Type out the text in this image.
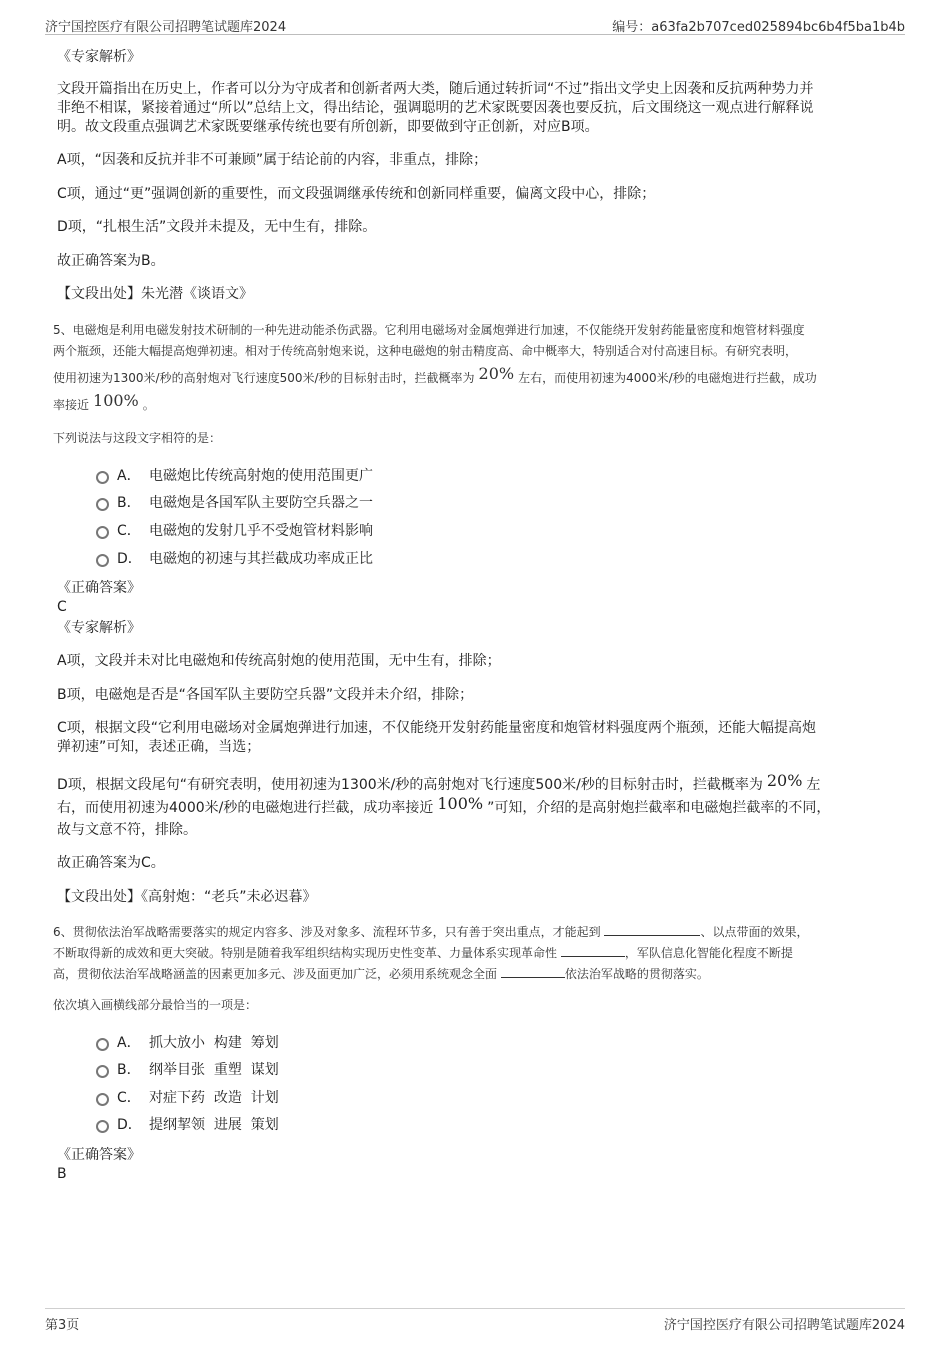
济宁国控医疗有限公司招聘笔试题库2024	编号：a63fa2b707ced025894bc6b4f5ba1b4b
《专家解析》
文段开篇指出在历史上，作者可以分为守成者和创新者两大类，随后通过转折词“不过”指出文学史上因袭和反抗两种势力并
非绝不相谋，紧接着通过“所以”总结上文，得出结论，强调聪明的艺术家既要因袭也要反抗，后文围绕这一观点进行解释说
明。故文段重点强调艺术家既要继承传统也要有所创新，即要做到守正创新，对应B项。
A项，“因袭和反抗并非不可兼顾”属于结论前的内容，非重点，排除；
C项，通过“更”强调创新的重要性，而文段强调继承传统和创新同样重要，偏离文段中心，排除；
D项，“扎根生活”文段并未提及，无中生有，排除。
故正确答案为B。
【文段出处】朱光潜《谈语文》
5、电磁炮是利用电磁发射技术研制的一种先进动能杀伤武器。它利用电磁场对金属炮弹进行加速，不仅能绕开发射药能量密度和炮管材料强度
两个瓶颈，还能大幅提高炮弹初速。相对于传统高射炮来说，这种电磁炮的射击精度高、命中概率大，特别适合对付高速目标。有研究表明，
使用初速为1300米/秒的高射炮对飞行速度500米/秒的目标射击时，拦截概率为 20% 左右，而使用初速为4000米/秒的电磁炮进行拦截，成功
率接近 100% 。
下列说法与这段文字相符的是：
A． 电磁炮比传统高射炮的使用范围更广
B． 电磁炮是各国军队主要防空兵器之一
C． 电磁炮的发射几乎不受炮管材料影响
D． 电磁炮的初速与其拦截成功率成正比
《正确答案》
C
《专家解析》
A项，文段并未对比电磁炮和传统高射炮的使用范围，无中生有，排除；
B项，电磁炮是否是“各国军队主要防空兵器”文段并未介绍，排除；
C项，根据文段“它利用电磁场对金属炮弹进行加速，不仅能绕开发射药能量密度和炮管材料强度两个瓶颈，还能大幅提高炮
弹初速”可知，表述正确，当选；
D项，根据文段尾句“有研究表明，使用初速为1300米/秒的高射炮对飞行速度500米/秒的目标射击时，拦截概率为 20% 左
右，而使用初速为4000米/秒的电磁炮进行拦截，成功率接近 100% ”可知，介绍的是高射炮拦截率和电磁炮拦截率的不同，
故与文意不符，排除。
故正确答案为C。
【文段出处】《高射炮：“老兵”未必迟暮》
6、贯彻依法治军战略需要落实的规定内容多、涉及对象多、流程环节多，只有善于突出重点，才能起到	、以点带面的效果，
不断取得新的成效和更大突破。特别是随着我军组织结构实现历史性变革、力量体系实现革命性	，军队信息化智能化程度不断提
高，贯彻依法治军战略涵盖的因素更加多元、涉及面更加广泛，必须用系统观念全面	依法治军战略的贯彻落实。
依次填入画横线部分最恰当的一项是：
A． 抓大放小  构建  筹划
B． 纲举目张  重塑  谋划
C． 对症下药  改造  计划
D． 提纲挈领  进展  策划
《正确答案》
B
第3页	济宁国控医疗有限公司招聘笔试题库2024
